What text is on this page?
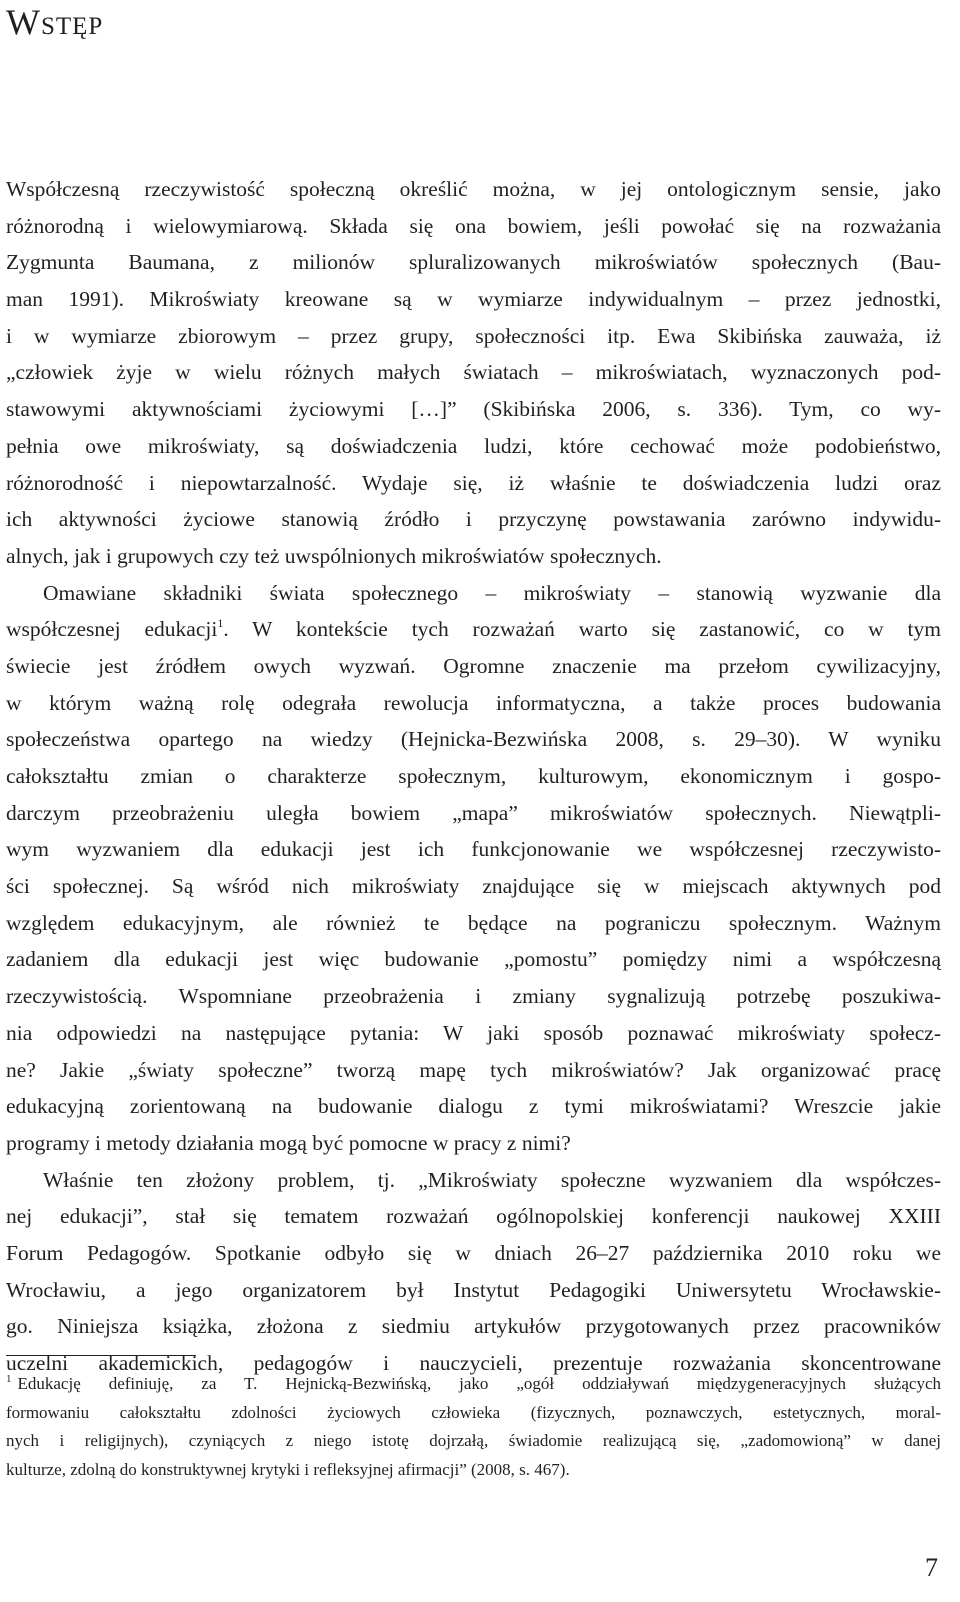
Wstęp
Współczesną rzeczywistość społeczną określić można, w jej ontologicznym sensie, jako
różnorodną i wielowymiarową. Składa się ona bowiem, jeśli powołać się na rozważania
Zygmunta Baumana, z milionów spluralizowanych mikroświatów społecznych (Bau-
man 1991). Mikroświaty kreowane są w wymiarze indywidualnym – przez jednostki,
i w wymiarze zbiorowym – przez grupy, społeczności itp. Ewa Skibińska zauważa, iż
„człowiek żyje w wielu różnych małych światach – mikroświatach, wyznaczonych pod-
stawowymi aktywnościami życiowymi […]” (Skibińska 2006, s. 336). Tym, co wy-
pełnia owe mikroświaty, są doświadczenia ludzi, które cechować może podobieństwo,
różnorodność i niepowtarzalność. Wydaje się, iż właśnie te doświadczenia ludzi oraz
ich aktywności życiowe stanowią źródło i przyczynę powstawania zarówno indywidu-
alnych, jak i grupowych czy też uwspólnionych mikroświatów społecznych.
Omawiane składniki świata społecznego – mikroświaty – stanowią wyzwanie dla
współczesnej edukacji$^1$. W kontekście tych rozważań warto się zastanowić, co w tym
świecie jest źródłem owych wyzwań. Ogromne znaczenie ma przełom cywilizacyjny,
w którym ważną rolę odegrała rewolucja informatyczna, a także proces budowania
społeczeństwa opartego na wiedzy (Hejnicka-Bezwińska 2008, s. 29–30). W wyniku
całokształtu zmian o charakterze społecznym, kulturowym, ekonomicznym i gospo-
darczym przeobrażeniu uległa bowiem „mapa” mikroświatów społecznych. Niewątpli-
wym wyzwaniem dla edukacji jest ich funkcjonowanie we współczesnej rzeczywisto-
ści społecznej. Są wśród nich mikroświaty znajdujące się w miejscach aktywnych pod
względem edukacyjnym, ale również te będące na pograniczu społecznym. Ważnym
zadaniem dla edukacji jest więc budowanie „pomostu” pomiędzy nimi a współczesną
rzeczywistością. Wspomniane przeobrażenia i zmiany sygnalizują potrzebę poszukiwa-
nia odpowiedzi na następujące pytania: W jaki sposób poznawać mikroświaty społecz-
ne? Jakie „światy społeczne” tworzą mapę tych mikroświatów? Jak organizować pracę
edukacyjną zorientowaną na budowanie dialogu z tymi mikroświatami? Wreszcie jakie
programy i metody działania mogą być pomocne w pracy z nimi?
Właśnie ten złożony problem, tj. „Mikroświaty społeczne wyzwaniem dla współczes-
nej edukacji”, stał się tematem rozważań ogólnopolskiej konferencji naukowej XXIII
Forum Pedagogów. Spotkanie odbyło się w dniach 26–27 października 2010 roku we
Wrocławiu, a jego organizatorem był Instytut Pedagogiki Uniwersytetu Wrocławskie-
go. Niniejsza książka, złożona z siedmiu artykułów przygotowanych przez pracowników
uczelni akademickich, pedagogów i nauczycieli, prezentuje rozważania skoncentrowane
$^1$ Edukację definiuję, za T. Hejnicką-Bezwińską, jako „ogół oddziaływań międzygeneracyjnych służących
formowaniu całokształtu zdolności życiowych człowieka (fizycznych, poznawczych, estetycznych, moral-
nych i religijnych), czyniących z niego istotę dojrzałą, świadomie realizującą się, „zadomowioną” w danej
kulturze, zdolną do konstruktywnej krytyki i refleksyjnej afirmacji” (2008, s. 467).
7
